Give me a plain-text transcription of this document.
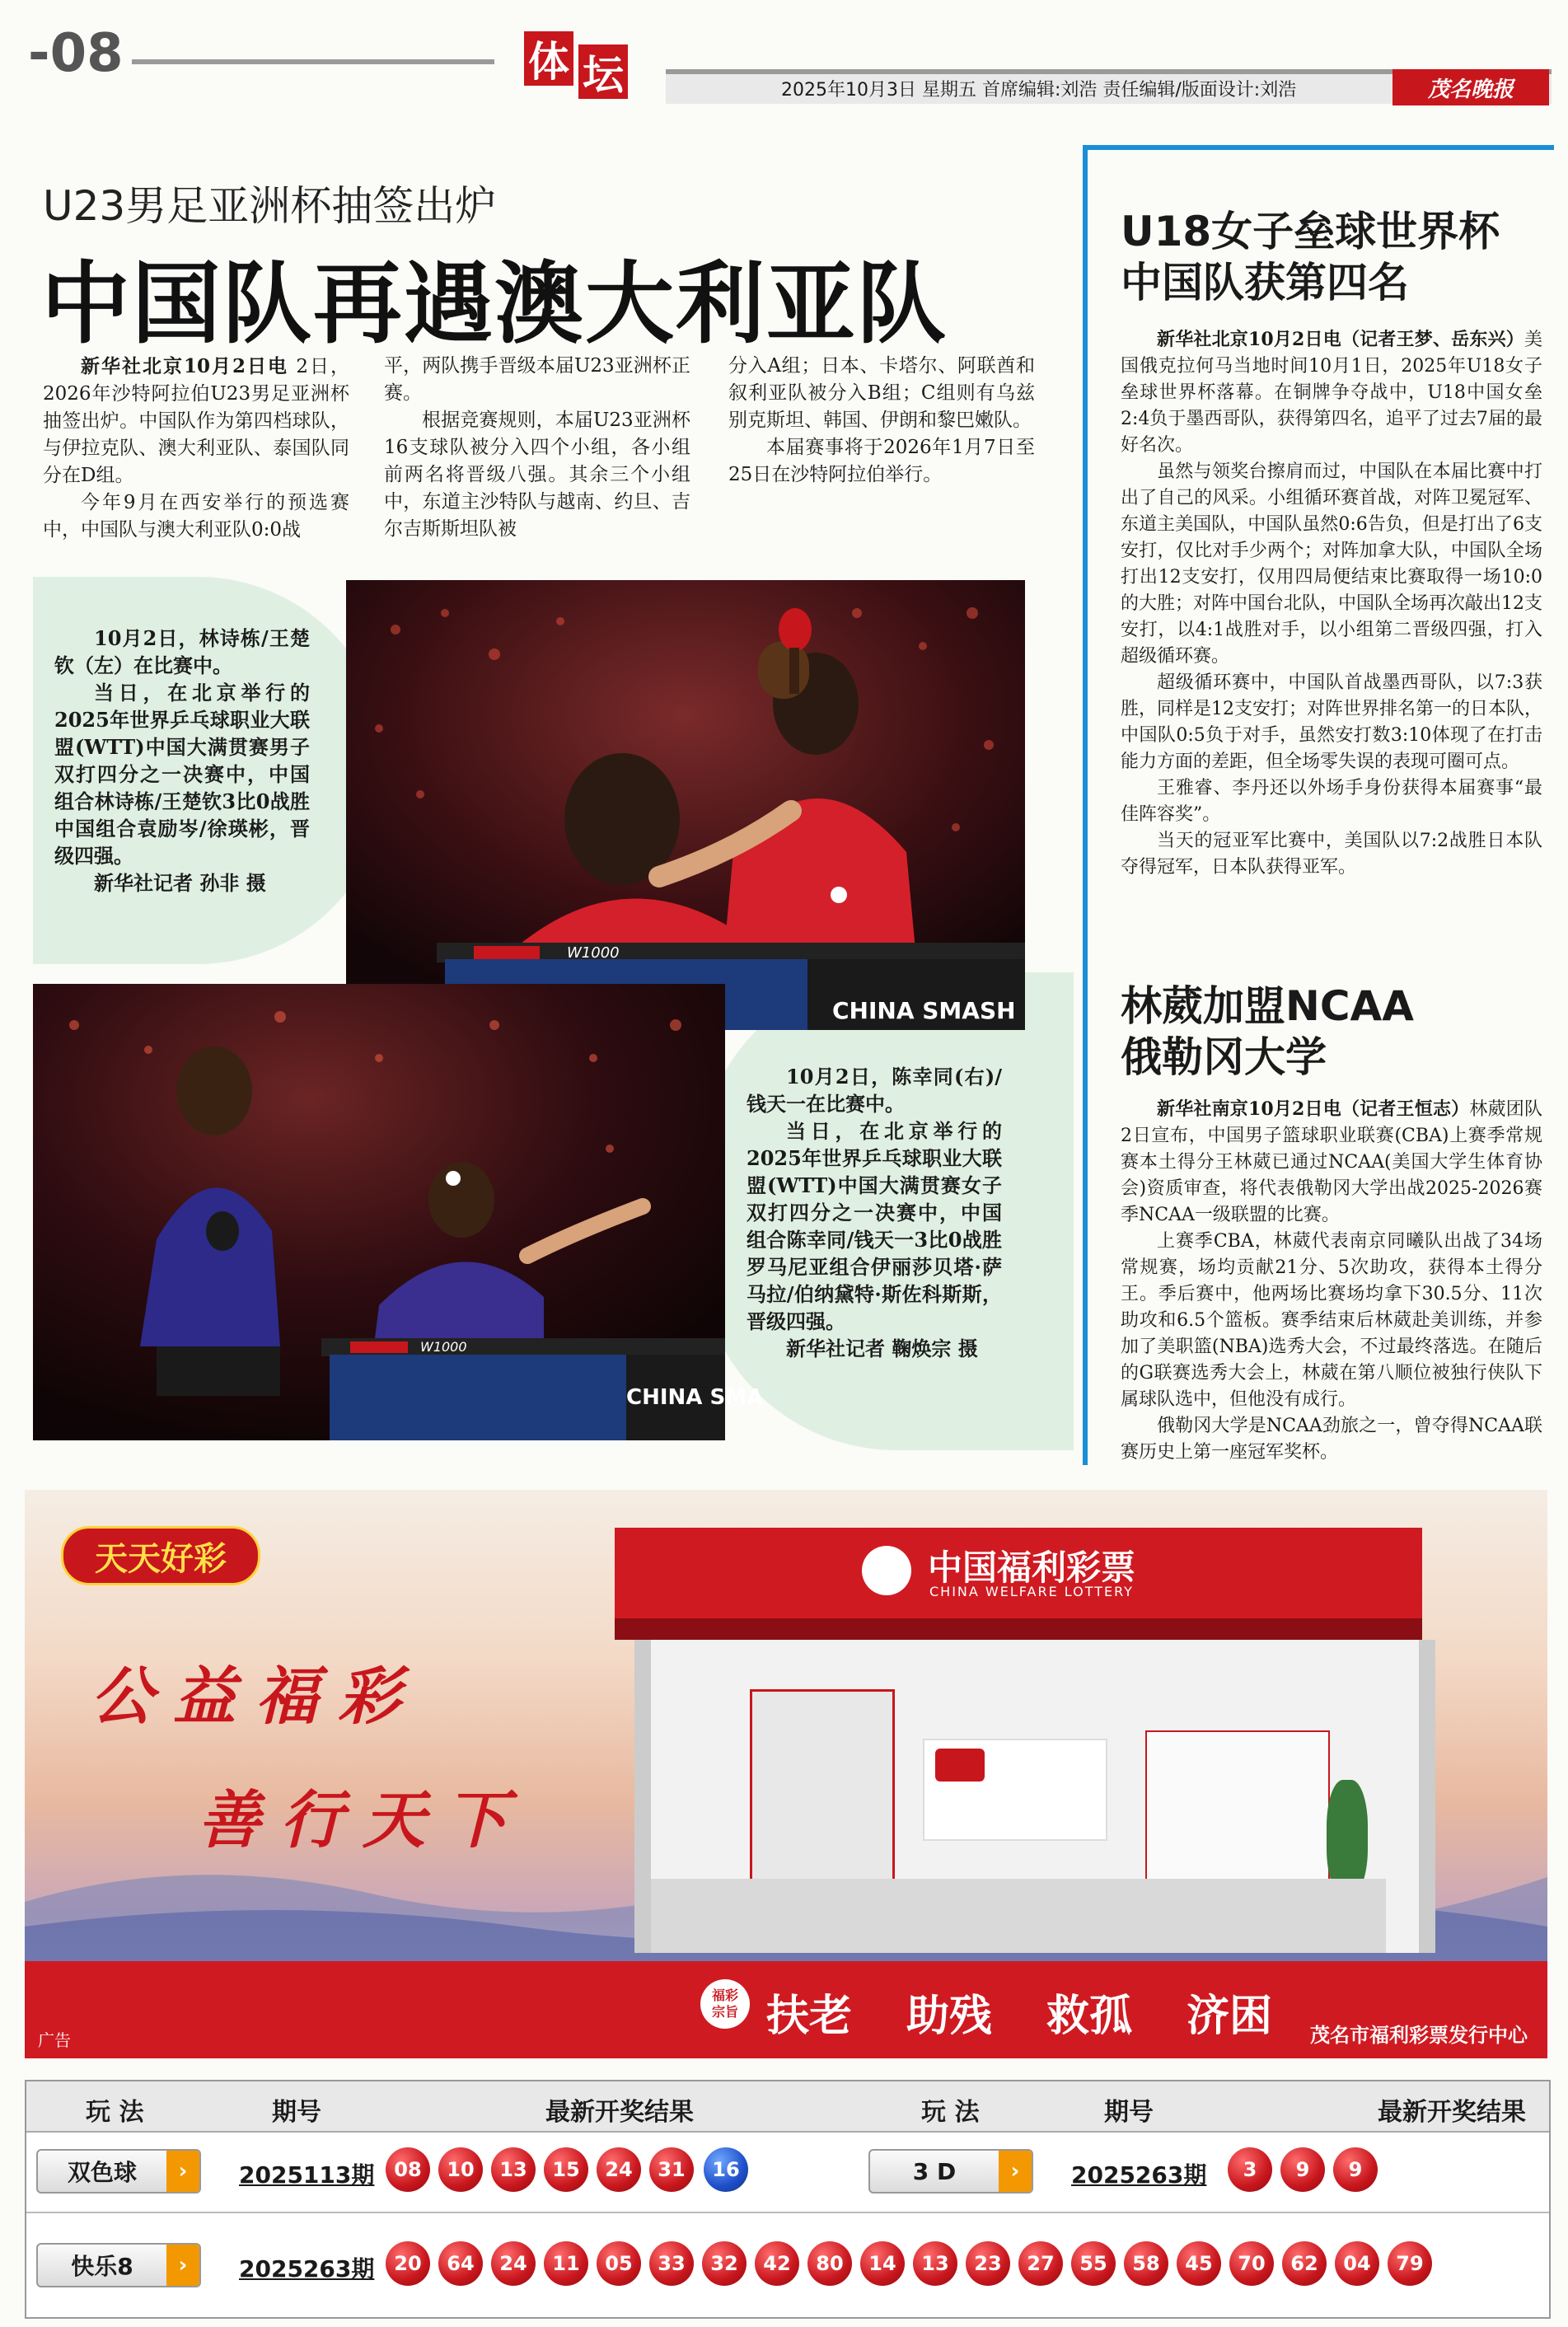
-08	体 坛	2025年10月3日 星期五 首席编辑:刘浩 责任编辑/版面设计:刘浩	茂名晚报
U23男足亚洲杯抽签出炉
中国队再遇澳大利亚队

新华社北京10月2日电 2日，2026年沙特阿拉伯U23男足亚洲杯抽签出炉。中国队作为第四档球队，与伊拉克队、澳大利亚队、泰国队同分在D组。

今年9月在西安举行的预选赛中，中国队与澳大利亚队0:0战

平，两队携手晋级本届U23亚洲杯正赛。

根据竞赛规则，本届U23亚洲杯16支球队被分入四个小组，各小组前两名将晋级八强。其余三个小组中，东道主沙特队与越南、约旦、吉尔吉斯斯坦队被

分入A组；日本、卡塔尔、阿联酋和叙利亚队被分入B组；C组则有乌兹别克斯坦、韩国、伊朗和黎巴嫩队。

本届赛事将于2026年1月7日至25日在沙特阿拉伯举行。

10月2日，林诗栋/王楚钦（左）在比赛中。

当日，在北京举行的2025年世界乒乓球职业大联盟(WTT)中国大满贯赛男子双打四分之一决赛中，中国组合林诗栋/王楚钦3比0战胜中国组合袁励岑/徐瑛彬，晋级四强。

新华社记者 孙非 摄

W1000
CHINA SMASH
W1000
CHINA SMA

10月2日，陈幸同(右)/钱天一在比赛中。

当日，在北京举行的2025年世界乒乓球职业大联盟(WTT)中国大满贯赛女子双打四分之一决赛中，中国组合陈幸同/钱天一3比0战胜罗马尼亚组合伊丽莎贝塔·萨马拉/伯纳黛特·斯佐科斯斯，晋级四强。

新华社记者 鞠焕宗 摄

U18女子垒球世界杯
中国队获第四名

新华社北京10月2日电（记者王梦、岳东兴）美国俄克拉何马当地时间10月1日，2025年U18女子垒球世界杯落幕。在铜牌争夺战中，U18中国女垒2:4负于墨西哥队，获得第四名，追平了过去7届的最好名次。

虽然与领奖台擦肩而过，中国队在本届比赛中打出了自己的风采。小组循环赛首战，对阵卫冕冠军、东道主美国队，中国队虽然0:6告负，但是打出了6支安打，仅比对手少两个；对阵加拿大队，中国队全场打出12支安打，仅用四局便结束比赛取得一场10:0的大胜；对阵中国台北队，中国队全场再次敲出12支安打，以4:1战胜对手，以小组第二晋级四强，打入超级循环赛。

超级循环赛中，中国队首战墨西哥队，以7:3获胜，同样是12支安打；对阵世界排名第一的日本队，中国队0:5负于对手，虽然安打数3:10体现了在打击能力方面的差距，但全场零失误的表现可圈可点。

王雅睿、李丹还以外场手身份获得本届赛事“最佳阵容奖”。

当天的冠亚军比赛中，美国队以7:2战胜日本队夺得冠军，日本队获得亚军。

林葳加盟NCAA
俄勒冈大学

新华社南京10月2日电（记者王恒志）林葳团队2日宣布，中国男子篮球职业联赛(CBA)上赛季常规赛本土得分王林葳已通过NCAA(美国大学生体育协会)资质审查，将代表俄勒冈大学出战2025-2026赛季NCAA一级联盟的比赛。

上赛季CBA，林葳代表南京同曦队出战了34场常规赛，场均贡献21分、5次助攻，获得本土得分王。季后赛中，他两场比赛场均拿下30.5分、11次助攻和6.5个篮板。赛季结束后林葳赴美训练，并参加了美职篮(NBA)选秀大会，不过最终落选。在随后的G联赛选秀大会上，林葳在第八顺位被独行侠队下属球队选中，但他没有成行。

俄勒冈大学是NCAA劲旅之一，曾夺得NCAA联赛历史上第一座冠军奖杯。

天天好彩
公益福彩
善行天下
中国福利彩票
CHINA WELFARE LOTTERY
福彩
宗旨 扶老 助残 救孤 济困 茂名市福利彩票发行中心
广告
玩 法	期号	最新开奖结果	玩 法	期号	最新开奖结果
双色球	›	2025113期 08	10	13	15	24	31	16	3 D	›	2025263期	3	9	9
快乐8	›	2025263期 20	64	24	11	05	33	32	42	80	14	13	23	27	55	58	45	70	62	04	79
